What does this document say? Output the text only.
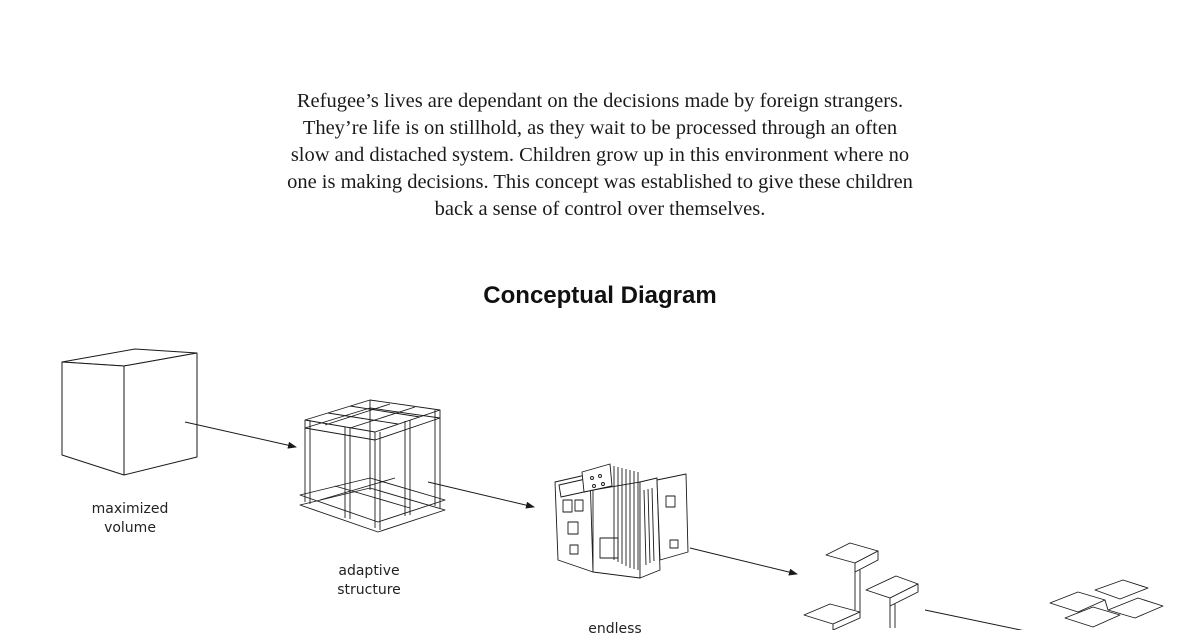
Refugee’s lives are dependant on the decisions made by foreign strangers.
They’re life is on stillhold, as they wait to be processed through an often
slow and distached system. Children grow up in this environment where no
one is making decisions. This concept was established to give these children
back a sense of control over themselves.
Conceptual Diagram
maximized
volume
adaptive
structure
endless
